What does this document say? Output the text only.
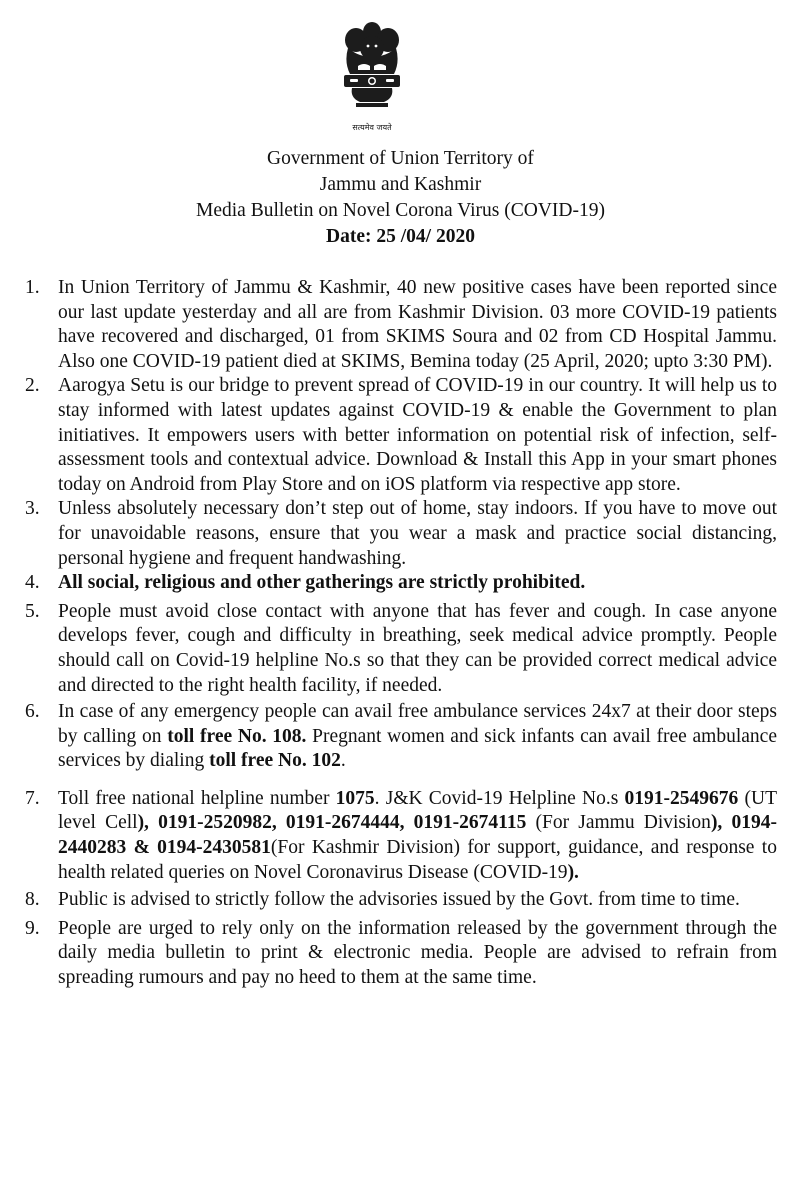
सत्यमेव जयते
Government of Union Territory of
Jammu and Kashmir
Media Bulletin on Novel Corona Virus (COVID-19)
Date: 25 /04/ 2020
1. In Union Territory of Jammu & Kashmir, 40 new positive cases have been reported since our last update yesterday and all are from Kashmir Division. 03 more COVID-19 patients have recovered and discharged, 01 from SKIMS Soura and 02 from CD Hospital Jammu. Also one COVID-19 patient died at SKIMS, Bemina today (25 April, 2020; upto 3:30 PM).
2. Aarogya Setu is our bridge to prevent spread of COVID-19 in our country. It will help us to stay informed with latest updates against COVID-19 & enable the Government to plan initiatives. It empowers users with better information on potential risk of infection, self-assessment tools and contextual advice. Download & Install this App in your smart phones today on Android from Play Store and on iOS platform via respective app store.
3. Unless absolutely necessary don’t step out of home, stay indoors. If you have to move out for unavoidable reasons, ensure that you wear a mask and practice social distancing, personal hygiene and frequent handwashing.
4. All social, religious and other gatherings are strictly prohibited.
5. People must avoid close contact with anyone that has fever and cough. In case anyone develops fever, cough and difficulty in breathing, seek medical advice promptly. People should call on Covid-19 helpline No.s so that they can be provided correct medical advice and directed to the right health facility, if needed.
6. In case of any emergency people can avail free ambulance services 24x7 at their door steps by calling on toll free No. 108. Pregnant women and sick infants can avail free ambulance services by dialing toll free No. 102.
7. Toll free national helpline number 1075. J&K Covid-19 Helpline No.s 0191-2549676 (UT level Cell), 0191-2520982, 0191-2674444, 0191-2674115 (For Jammu Division), 0194-2440283 & 0194-2430581(For Kashmir Division) for support, guidance, and response to health related queries on Novel Coronavirus Disease (COVID-19).
8. Public is advised to strictly follow the advisories issued by the Govt. from time to time.
9. People are urged to rely only on the information released by the government through the daily media bulletin to print & electronic media. People are advised to refrain from spreading rumours and pay no heed to them at the same time.
